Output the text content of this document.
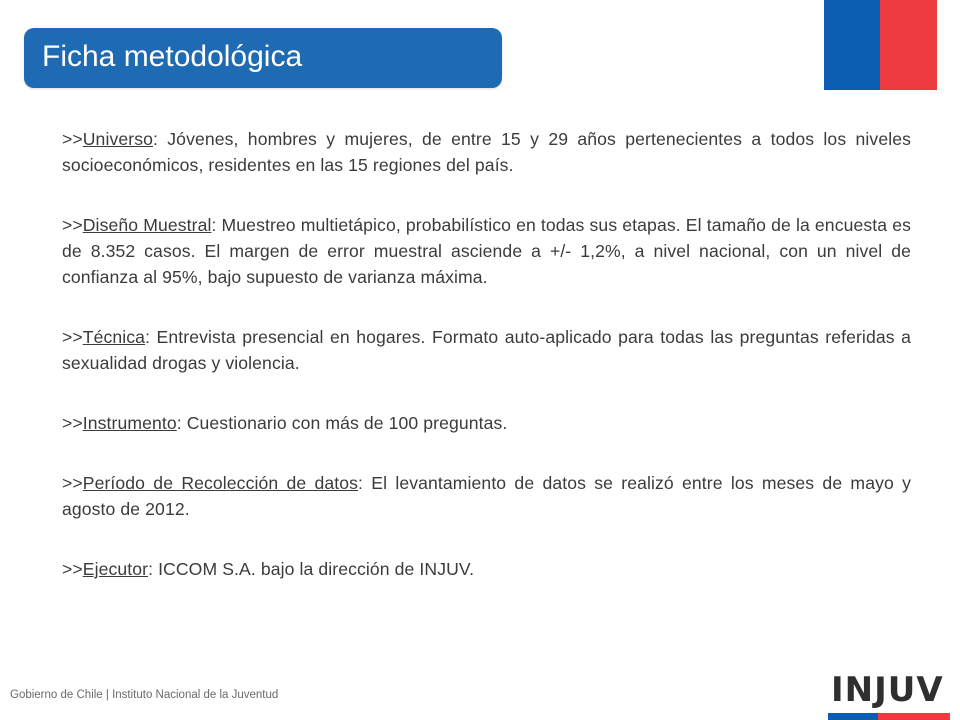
Ficha metodológica

>>Universo: Jóvenes, hombres y mujeres, de entre 15 y 29 años pertenecientes a todos los niveles socioeconómicos, residentes en las 15 regiones del país.

>>Diseño Muestral: Muestreo multietápico, probabilístico en todas sus etapas. El tamaño de la encuesta es de 8.352 casos. El margen de error muestral asciende a +/- 1,2%, a nivel nacional, con un nivel de confianza al 95%, bajo supuesto de varianza máxima.

>>Técnica: Entrevista presencial en hogares. Formato auto-aplicado para todas las preguntas referidas a sexualidad drogas y violencia.

>>Instrumento: Cuestionario con más de 100 preguntas.

>>Período de Recolección de datos: El levantamiento de datos se realizó entre los meses de mayo y agosto de 2012.

>>Ejecutor: ICCOM S.A. bajo la dirección de INJUV.

Gobierno de Chile | Instituto Nacional de la Juventud	INJUV
